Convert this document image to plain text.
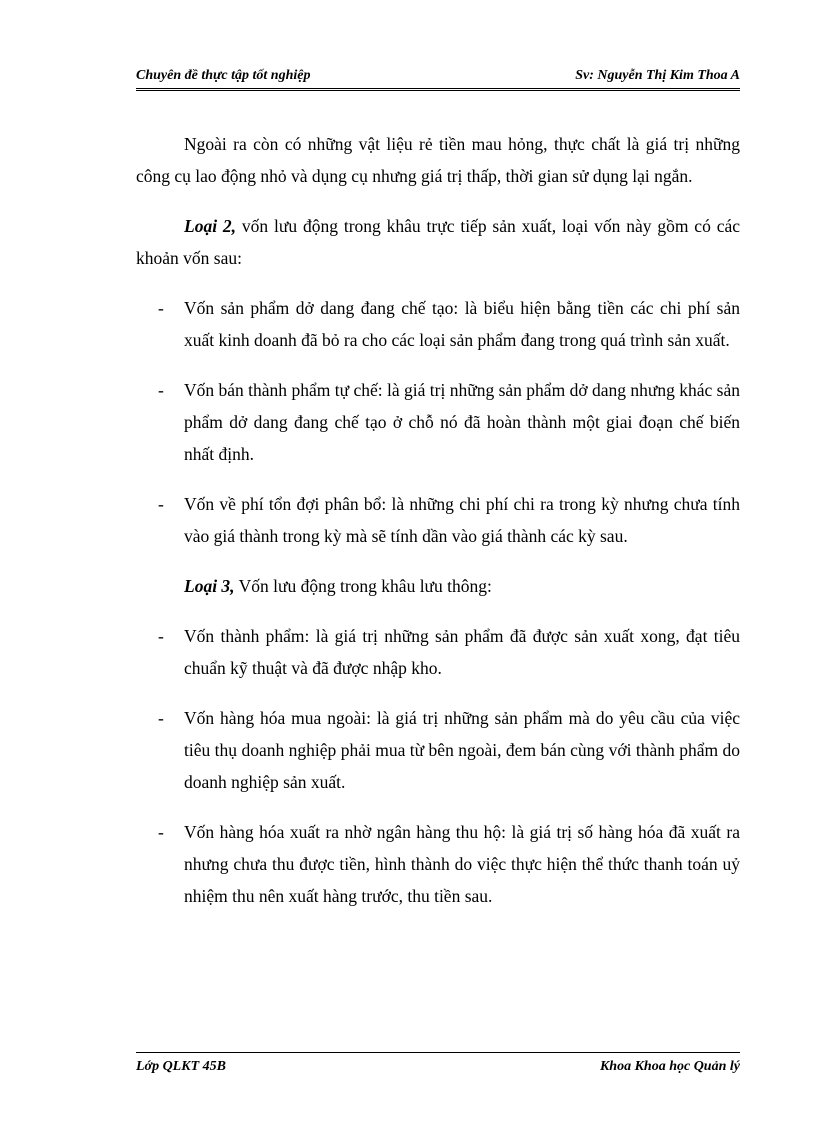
Chuyên đề thực tập tốt nghiệp	Sv: Nguyễn Thị Kim Thoa A

Ngoài ra còn có những vật liệu rẻ tiền mau hỏng, thực chất là giá trị những công cụ lao động nhỏ và dụng cụ nhưng giá trị thấp, thời gian sử dụng lại ngắn.

Loại 2, vốn lưu động trong khâu trực tiếp sản xuất, loại vốn này gồm có các khoản vốn sau:

- Vốn sản phẩm dở dang đang chế tạo: là biểu hiện bằng tiền các chi phí sản xuất kinh doanh đã bỏ ra cho các loại sản phẩm đang trong quá trình sản xuất.
- Vốn bán thành phẩm tự chế: là giá trị những sản phẩm dở dang nhưng khác sản phẩm dở dang đang chế tạo ở chỗ nó đã hoàn thành một giai đoạn chế biến nhất định.
- Vốn về phí tổn đợi phân bổ: là những chi phí chi ra trong kỳ nhưng chưa tính vào giá thành trong kỳ mà sẽ tính dần vào giá thành các kỳ sau.

Loại 3, Vốn lưu động trong khâu lưu thông:

- Vốn thành phẩm: là giá trị những sản phẩm đã được sản xuất xong, đạt tiêu chuẩn kỹ thuật và đã được nhập kho.
- Vốn hàng hóa mua ngoài: là giá trị những sản phẩm mà do yêu cầu của việc tiêu thụ doanh nghiệp phải mua từ bên ngoài, đem bán cùng với thành phẩm do doanh nghiệp sản xuất.
- Vốn hàng hóa xuất ra nhờ ngân hàng thu hộ: là giá trị số hàng hóa đã xuất ra nhưng chưa thu được tiền, hình thành do việc thực hiện thể thức thanh toán uỷ nhiệm thu nên xuất hàng trước, thu tiền sau.
Lớp QLKT 45B	Khoa Khoa học Quản lý
